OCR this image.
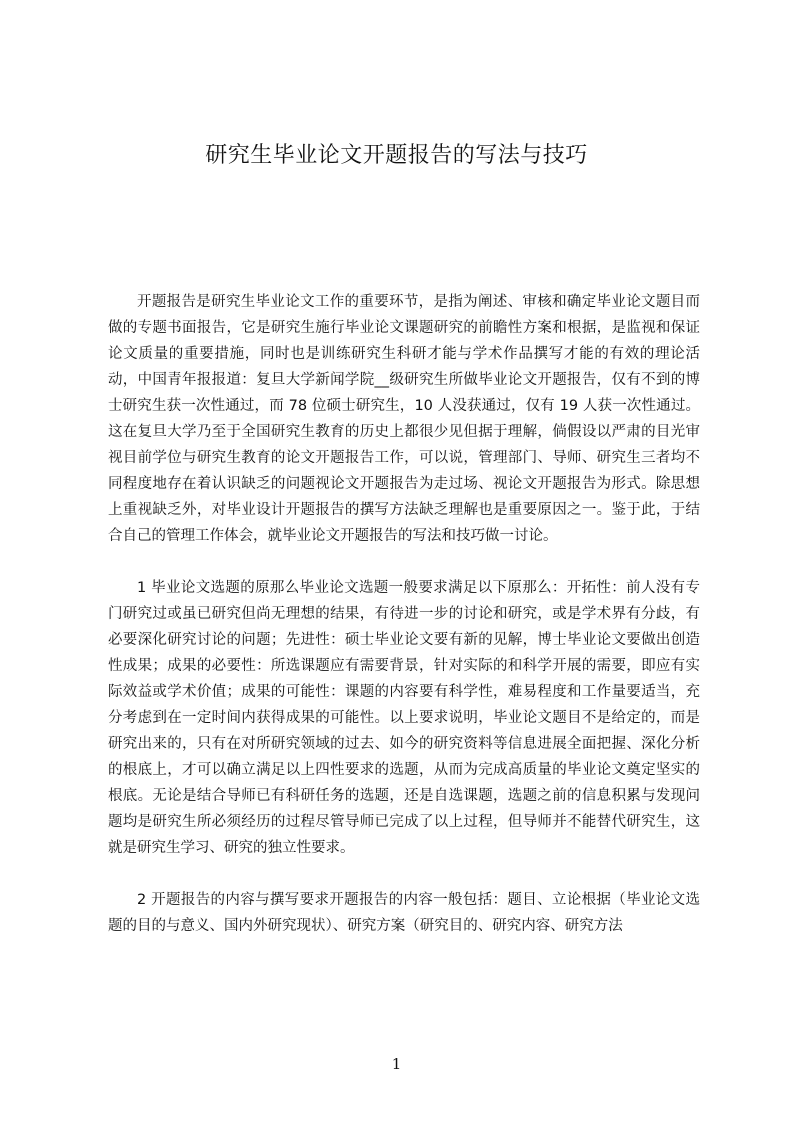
研究生毕业论文开题报告的写法与技巧

开题报告是研究生毕业论文工作的重要环节，是指为阐述、审核和确定毕业论文题目而做的专题书面报告，它是研究生施行毕业论文课题研究的前瞻性方案和根据，是监视和保证论文质量的重要措施，同时也是训练研究生科研才能与学术作品撰写才能的有效的理论活动，中国青年报报道：复旦大学新闻学院__级研究生所做毕业论文开题报告，仅有不到的博士研究生获一次性通过，而 78 位硕士研究生，10 人没获通过，仅有 19 人获一次性通过。这在复旦大学乃至于全国研究生教育的历史上都很少见但据于理解，倘假设以严肃的目光审视目前学位与研究生教育的论文开题报告工作，可以说，管理部门、导师、研究生三者均不同程度地存在着认识缺乏的问题视论文开题报告为走过场、视论文开题报告为形式。除思想上重视缺乏外，对毕业设计开题报告的撰写方法缺乏理解也是重要原因之一。鉴于此，于结合自己的管理工作体会，就毕业论文开题报告的写法和技巧做一讨论。

1 毕业论文选题的原那么毕业论文选题一般要求满足以下原那么：开拓性：前人没有专门研究过或虽已研究但尚无理想的结果，有待进一步的讨论和研究，或是学术界有分歧，有必要深化研究讨论的问题；先进性：硕士毕业论文要有新的见解，博士毕业论文要做出创造性成果；成果的必要性：所选课题应有需要背景，针对实际的和科学开展的需要，即应有实际效益或学术价值；成果的可能性：课题的内容要有科学性，难易程度和工作量要适当，充分考虑到在一定时间内获得成果的可能性。以上要求说明，毕业论文题目不是给定的，而是研究出来的，只有在对所研究领域的过去、如今的研究资料等信息进展全面把握、深化分析的根底上，才可以确立满足以上四性要求的选题，从而为完成高质量的毕业论文奠定坚实的根底。无论是结合导师已有科研任务的选题，还是自选课题，选题之前的信息积累与发现问题均是研究生所必须经历的过程尽管导师已完成了以上过程，但导师并不能替代研究生，这就是研究生学习、研究的独立性要求。

2 开题报告的内容与撰写要求开题报告的内容一般包括：题目、立论根据（毕业论文选题的目的与意义、国内外研究现状）、研究方案（研究目的、研究内容、研究方法

1
